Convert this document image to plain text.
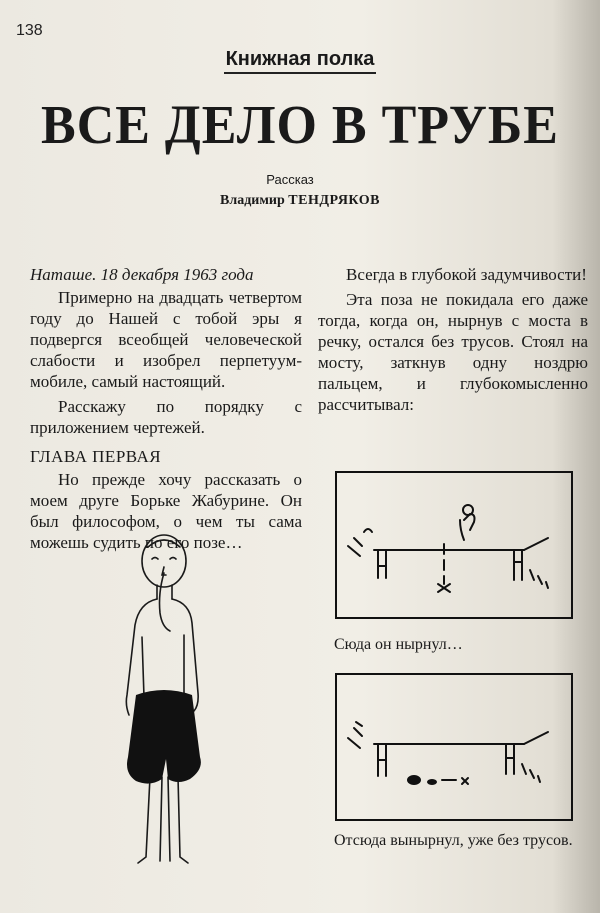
138
Книжная полка
ВСЕ ДЕЛО В ТРУБЕ
Рассказ
Владимир ТЕНДРЯКОВ

Наташе. 18 декабря 1963 года

Примерно на двадцать четвертом году до Нашей с тобой эры я подвергся всеобщей человеческой слабости и изобрел перпетуум-мобиле, самый настоящий.

Расскажу по порядку с приложением чертежей.

ГЛАВА ПЕРВАЯ

Но прежде хочу рассказать о моем друге Борьке Жабурине. Он был философом, о чем ты сама можешь судить по его позе…

Всегда в глубокой задумчивости!

Эта поза не покидала его даже тогда, когда он, нырнув с моста в речку, остался без трусов. Стоял на мосту, заткнув одну ноздрю пальцем, и глубокомысленно рассчитывал:

Сюда он нырнул…
Отсюда вынырнул, уже без трусов.
